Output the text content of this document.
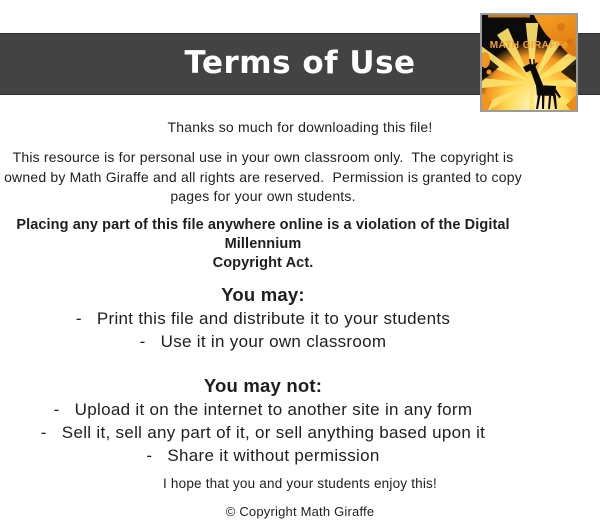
Terms of Use	MATH GIRAFFe
Thanks so much for downloading this file!
This resource is for personal use in your own classroom only.  The copyright is
owned by Math Giraffe and all rights are reserved.  Permission is granted to copy
pages for your own students.
Placing any part of this file anywhere online is a violation of the Digital Millennium
Copyright Act.
You may:
-   Print this file and distribute it to your students
-   Use it in your own classroom
You may not:
-   Upload it on the internet to another site in any form
-   Sell it, sell any part of it, or sell anything based upon it
-   Share it without permission
I hope that you and your students enjoy this!
© Copyright Math Giraffe
